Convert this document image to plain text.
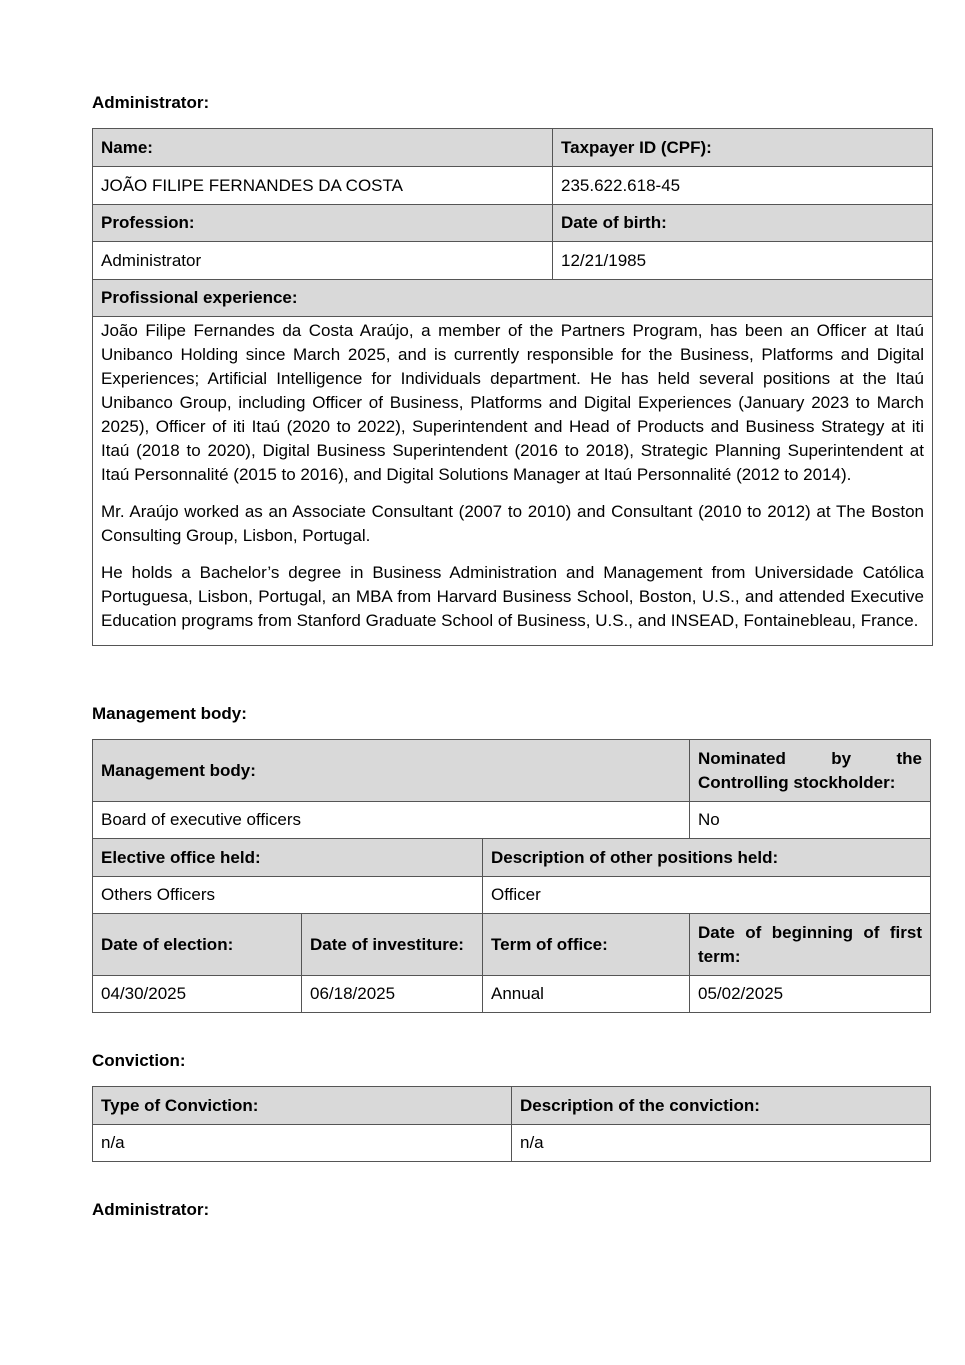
Administrator:
Name:	Taxpayer ID (CPF):
JOÃO FILIPE FERNANDES DA COSTA	235.622.618-45
Profession:	Date of birth:
Administrator	12/21/1985
Profissional experience:	

João Filipe Fernandes da Costa Araújo, a member of the Partners Program, has been an Officer at Itaú Unibanco Holding since March 2025, and is currently responsible for the Business, Platforms and Digital Experiences; Artificial Intelligence for Individuals department. He has held several positions at the Itaú Unibanco Group, including Officer of Business, Platforms and Digital Experiences (January 2023 to March 2025), Officer of iti Itaú (2020 to 2022), Superintendent and Head of Products and Business Strategy at iti Itaú (2018 to 2020), Digital Business Superintendent (2016 to 2018), Strategic Planning Superintendent at Itaú Personnalité (2015 to 2016), and Digital Solutions Manager at Itaú Personnalité (2012 to 2014).

Mr. Araújo worked as an Associate Consultant (2007 to 2010) and Consultant (2010 to 2012) at The Boston Consulting Group, Lisbon, Portugal.

He holds a Bachelor’s degree in Business Administration and Management from Universidade Católica Portuguesa, Lisbon, Portugal, an MBA from Harvard Business School, Boston, U.S., and attended Executive Education programs from Stanford Graduate School of Business, U.S., and INSEAD, Fontainebleau, France.	

Management body:
Management body:			Nominated by the Controlling stockholder:
Board of executive officers			No
Elective office held:		Description of other positions held:	
Others Officers		Officer	
Date of election:	Date of investiture:	Term of office:	Date of beginning of first term:
04/30/2025	06/18/2025	Annual	05/02/2025
Conviction:
Type of Conviction:	Description of the conviction:
n/a	n/a
Administrator:
